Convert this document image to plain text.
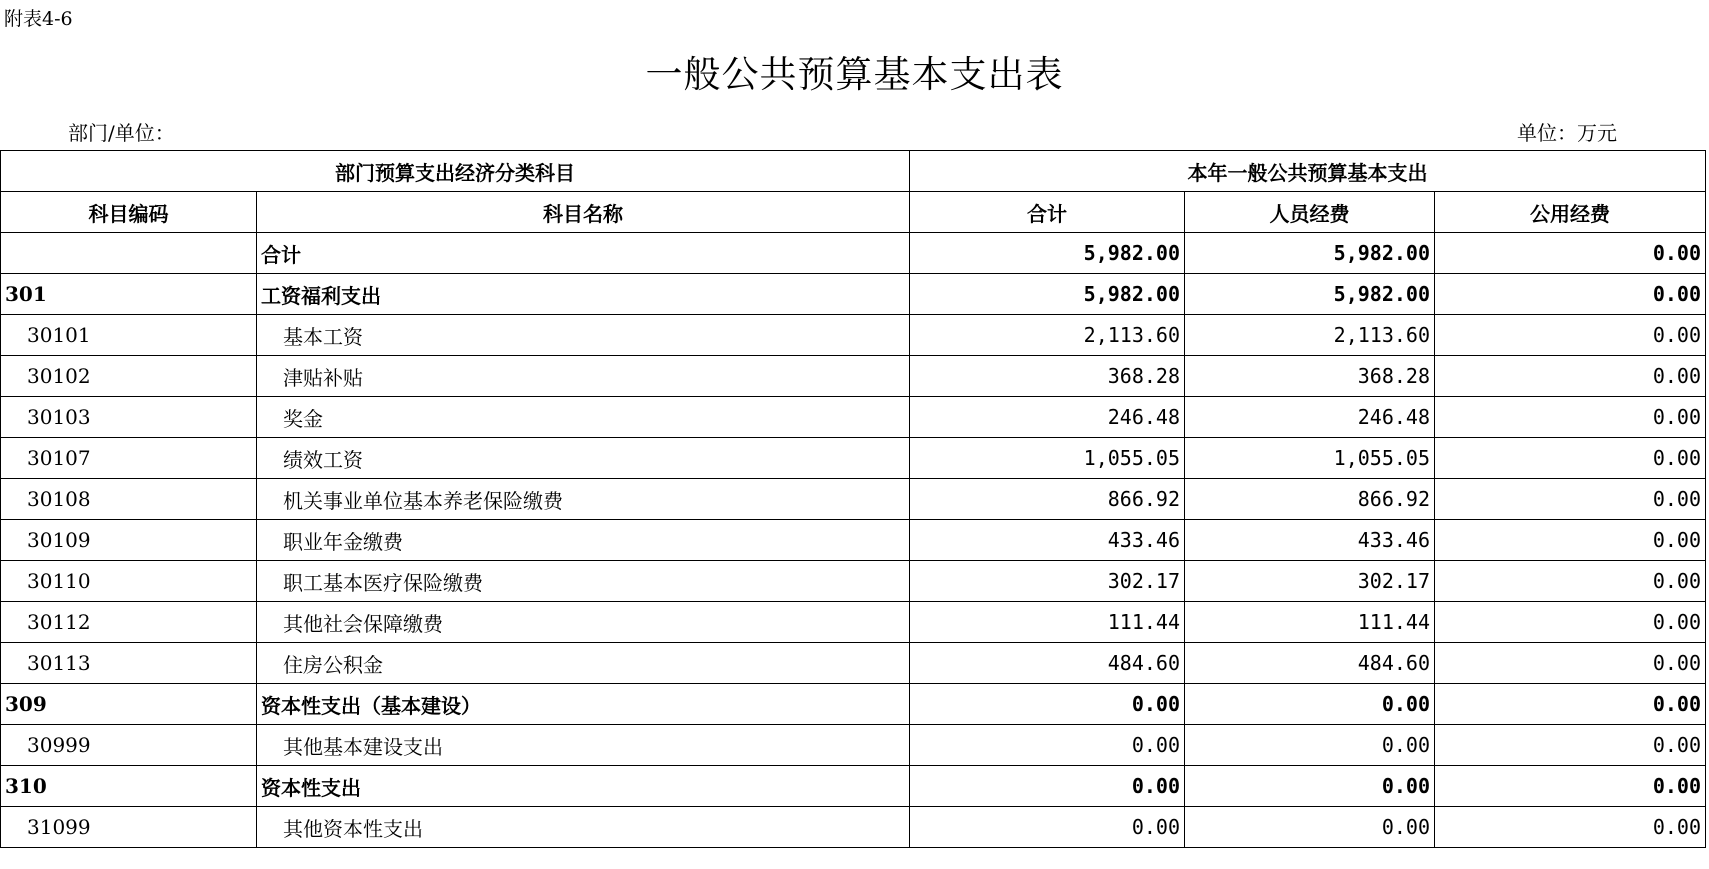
附表4-6
一般公共预算基本支出表
部门/单位：	单位：万元
部门预算支出经济分类科目		本年一般公共预算基本支出		
科目编码	科目名称	合计	人员经费	公用经费
	合计	5,982.00	5,982.00	0.00
301	工资福利支出	5,982.00	5,982.00	0.00
30101	基本工资	2,113.60	2,113.60	0.00
30102	津贴补贴	368.28	368.28	0.00
30103	奖金	246.48	246.48	0.00
30107	绩效工资	1,055.05	1,055.05	0.00
30108	机关事业单位基本养老保险缴费	866.92	866.92	0.00
30109	职业年金缴费	433.46	433.46	0.00
30110	职工基本医疗保险缴费	302.17	302.17	0.00
30112	其他社会保障缴费	111.44	111.44	0.00
30113	住房公积金	484.60	484.60	0.00
309	资本性支出（基本建设）	0.00	0.00	0.00
30999	其他基本建设支出	0.00	0.00	0.00
310	资本性支出	0.00	0.00	0.00
31099	其他资本性支出	0.00	0.00	0.00
